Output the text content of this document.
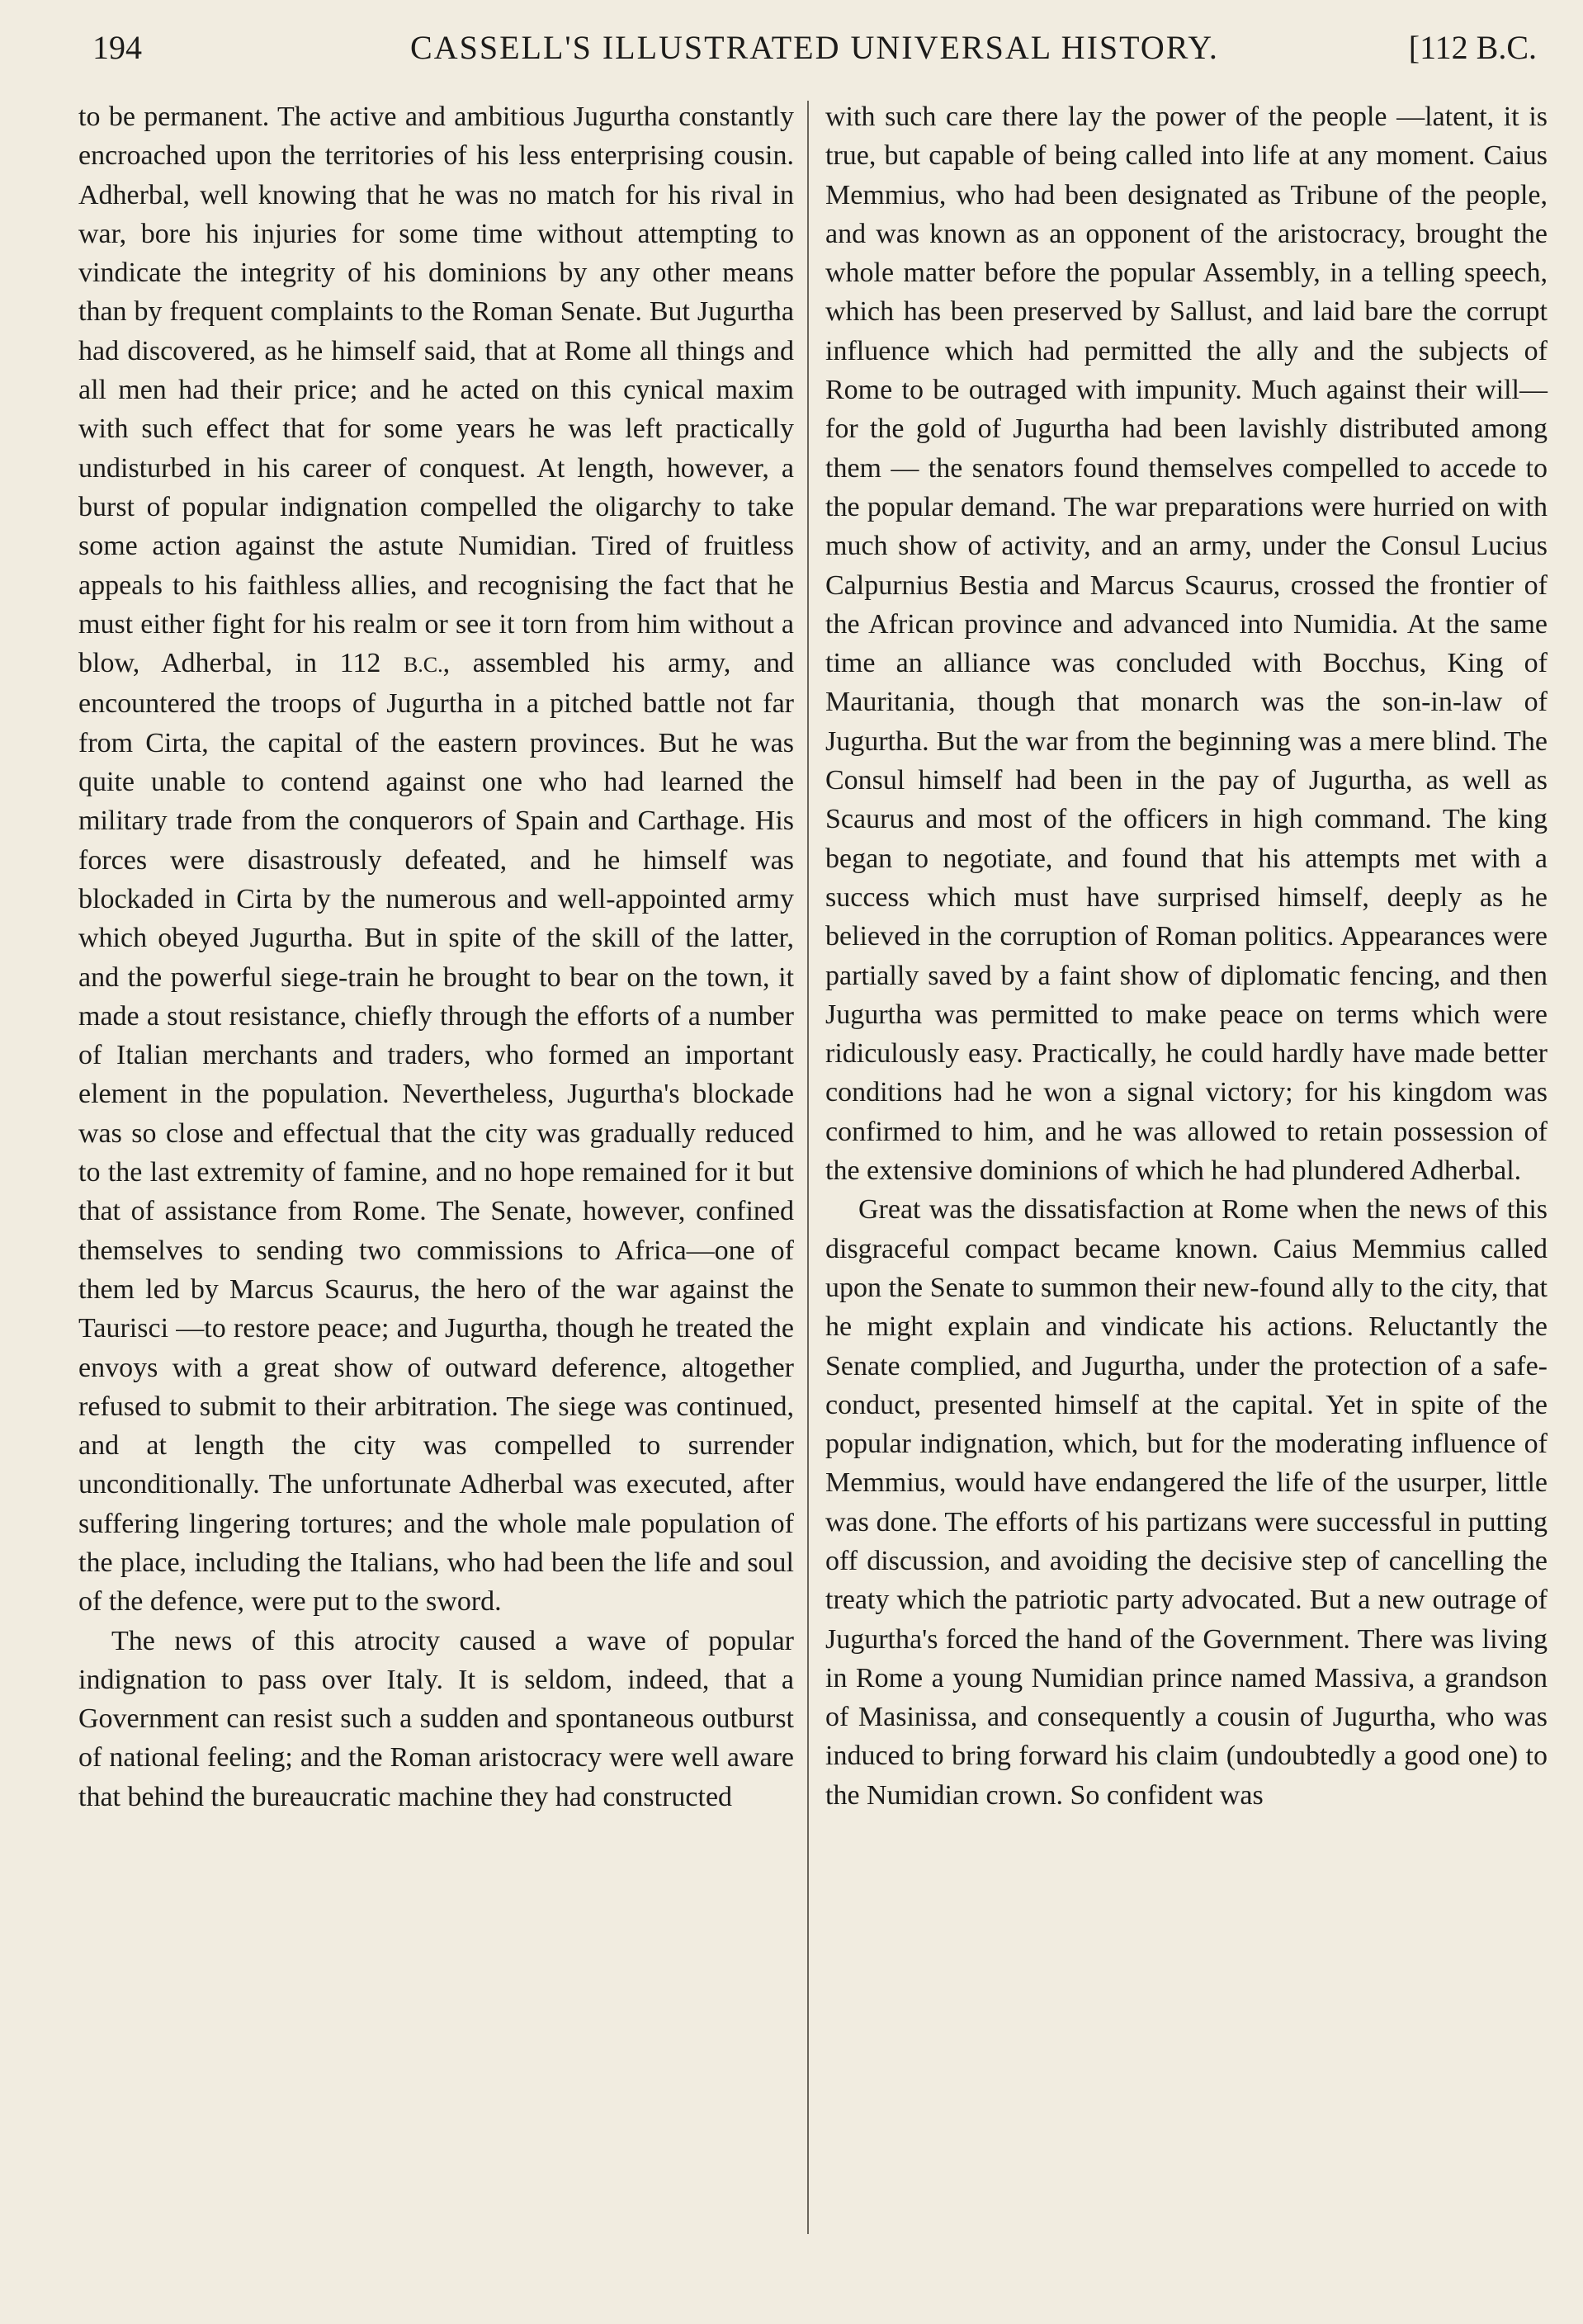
194	CASSELL'S ILLUSTRATED UNIVERSAL HISTORY.	[112 B.C.

to be permanent. The active and ambitious Jugurtha constantly encroached upon the territories of his less enterprising cousin. Adherbal, well knowing that he was no match for his rival in war, bore his injuries for some time without attempting to vindicate the integrity of his dominions by any other means than by frequent complaints to the Roman Senate. But Jugurtha had discovered, as he himself said, that at Rome all things and all men had their price; and he acted on this cynical maxim with such effect that for some years he was left practically undisturbed in his career of conquest. At length, however, a burst of popular indignation compelled the oligarchy to take some action against the astute Numidian. Tired of fruitless appeals to his faithless allies, and recognising the fact that he must either fight for his realm or see it torn from him without a blow, Adherbal, in 112 B.C., assembled his army, and encountered the troops of Jugurtha in a pitched battle not far from Cirta, the capital of the eastern provinces. But he was quite unable to contend against one who had learned the military trade from the conquerors of Spain and Carthage. His forces were disastrously defeated, and he himself was blockaded in Cirta by the numerous and well-appointed army which obeyed Jugurtha. But in spite of the skill of the latter, and the powerful siege-train he brought to bear on the town, it made a stout resistance, chiefly through the efforts of a number of Italian merchants and traders, who formed an important element in the population. Nevertheless, Jugurtha's blockade was so close and effectual that the city was gradually reduced to the last extremity of famine, and no hope remained for it but that of assistance from Rome. The Senate, however, confined themselves to sending two commissions to Africa—one of them led by Marcus Scaurus, the hero of the war against the Taurisci —to restore peace; and Jugurtha, though he treated the envoys with a great show of outward deference, altogether refused to submit to their arbitration. The siege was continued, and at length the city was compelled to surrender unconditionally. The unfortunate Adherbal was executed, after suffering lingering tortures; and the whole male population of the place, including the Italians, who had been the life and soul of the defence, were put to the sword.

The news of this atrocity caused a wave of popular indignation to pass over Italy. It is seldom, indeed, that a Government can resist such a sudden and spontaneous outburst of national feeling; and the Roman aristocracy were well aware that behind the bureaucratic machine they had constructed

with such care there lay the power of the people —latent, it is true, but capable of being called into life at any moment. Caius Memmius, who had been designated as Tribune of the people, and was known as an opponent of the aristocracy, brought the whole matter before the popular Assembly, in a telling speech, which has been preserved by Sallust, and laid bare the corrupt influence which had permitted the ally and the subjects of Rome to be outraged with impunity. Much against their will—for the gold of Jugurtha had been lavishly distributed among them — the senators found themselves compelled to accede to the popular demand. The war preparations were hurried on with much show of activity, and an army, under the Consul Lucius Calpurnius Bestia and Marcus Scaurus, crossed the frontier of the African province and advanced into Numidia. At the same time an alliance was concluded with Bocchus, King of Mauritania, though that monarch was the son-in-law of Jugurtha. But the war from the beginning was a mere blind. The Consul himself had been in the pay of Jugurtha, as well as Scaurus and most of the officers in high command. The king began to negotiate, and found that his attempts met with a success which must have surprised himself, deeply as he believed in the corruption of Roman politics. Appearances were partially saved by a faint show of diplomatic fencing, and then Jugurtha was permitted to make peace on terms which were ridiculously easy. Practically, he could hardly have made better conditions had he won a signal victory; for his kingdom was confirmed to him, and he was allowed to retain possession of the extensive dominions of which he had plundered Adherbal.

Great was the dissatisfaction at Rome when the news of this disgraceful compact became known. Caius Memmius called upon the Senate to summon their new-found ally to the city, that he might explain and vindicate his actions. Reluctantly the Senate complied, and Jugurtha, under the protection of a safe-conduct, presented himself at the capital. Yet in spite of the popular indignation, which, but for the moderating influence of Memmius, would have endangered the life of the usurper, little was done. The efforts of his partizans were successful in putting off discussion, and avoiding the decisive step of cancelling the treaty which the patriotic party advocated. But a new outrage of Jugurtha's forced the hand of the Government. There was living in Rome a young Numidian prince named Massiva, a grandson of Masinissa, and consequently a cousin of Jugurtha, who was induced to bring forward his claim (undoubtedly a good one) to the Numidian crown. So confident was
